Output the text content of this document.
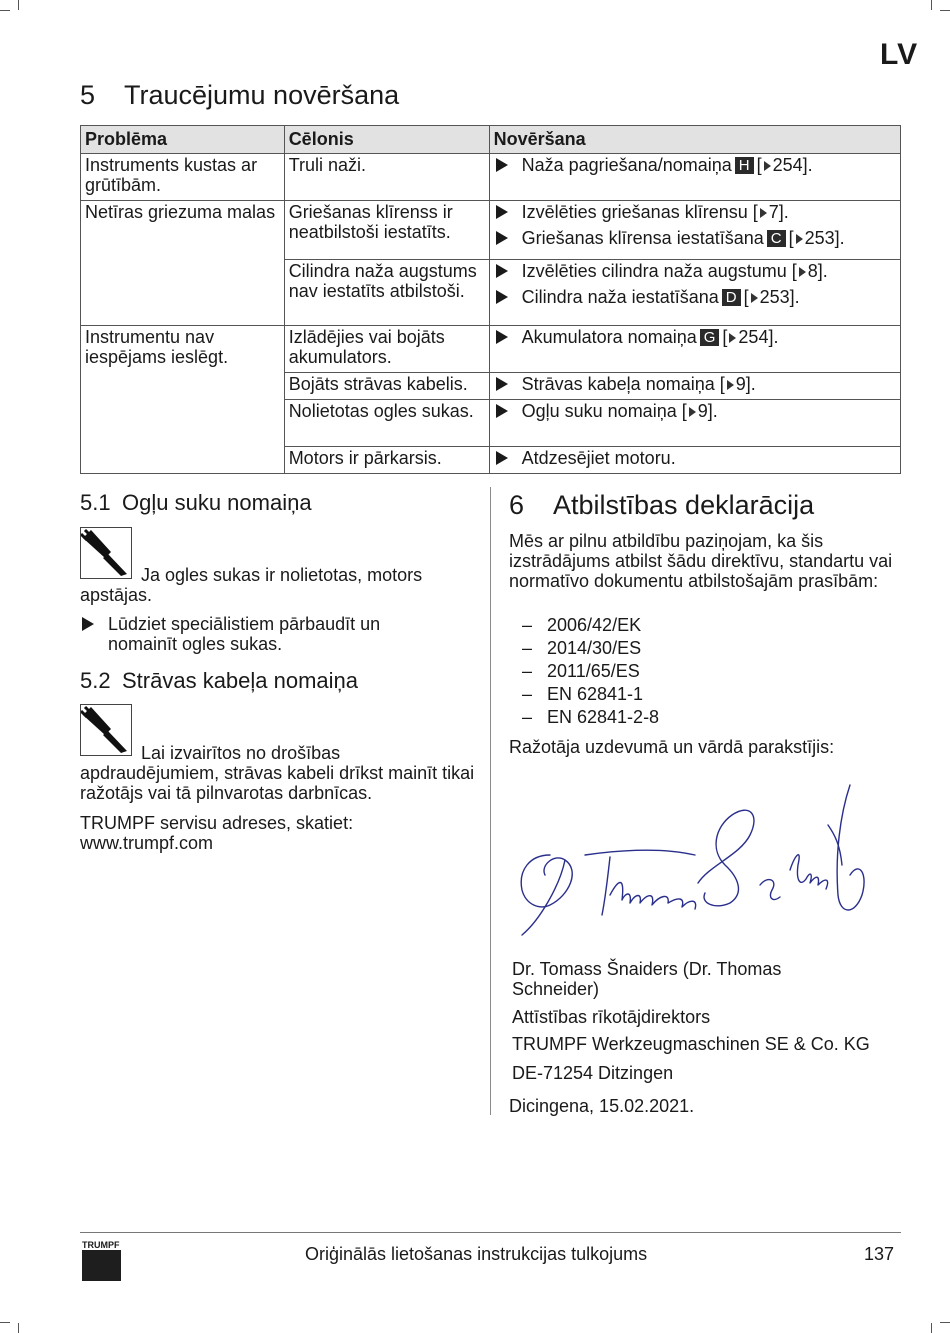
LV
5 Traucējumu novēršana
Problēma	Cēlonis	Novēršana
Instruments kustas ar grūtībām.	Truli naži.	Naža pagriešana/nomaiņa H [ 254].

Netīras griezuma malas	Griešanas klīrenss ir neatbilstoši iestatīts.	Izvēlēties griešanas klīrensu [ 7].
Griešanas klīrensa iestatīšana C [ 253].

	Cilindra naža augstums nav iestatīts atbilstoši.	Izvēlēties cilindra naža augstumu [ 8].
Cilindra naža iestatīšana D [ 253].

Instrumentu nav iespējams ieslēgt.	Izlādējies vai bojāts akumulators.	Akumulatora nomaiņa G [ 254].

	Bojāts strāvas kabelis.	Strāvas kabeļa nomaiņa [ 9].

	Nolietotas ogles sukas.	Ogļu suku nomaiņa [ 9].

	Motors ir pārkarsis.	Atdzesējiet motoru.
5.1 Ogļu suku nomaiņa
Ja ogles sukas ir nolietotas, motors apstājas.
Lūdziet speciālistiem pārbaudīt un nomainīt ogles sukas.
5.2 Strāvas kabeļa nomaiņa
Lai izvairītos no drošības apdraudējumiem, strāvas kabeli drīkst mainīt tikai ražotājs vai tā pilnvarotas darbnīcas.
TRUMPF servisu adreses, skatiet: www.trumpf.com
6 Atbilstības deklarācija
Mēs ar pilnu atbildību paziņojam, ka šis izstrādājums atbilst šādu direktīvu, standartu vai normatīvo dokumentu atbilstošajām prasībām:
– 2006/42/EK
– 2014/30/ES
– 2011/65/ES
– EN 62841-1
– EN 62841-2-8
Ražotāja uzdevumā un vārdā parakstījis:
Dr. Tomass Šnaiders (Dr. Thomas Schneider)
Attīstības rīkotājdirektors
TRUMPF Werkzeugmaschinen SE & Co. KG
DE-71254 Ditzingen
Dicingena, 15.02.2021.
TRUMPF	Oriģinālās lietošanas instrukcijas tulkojums	137
